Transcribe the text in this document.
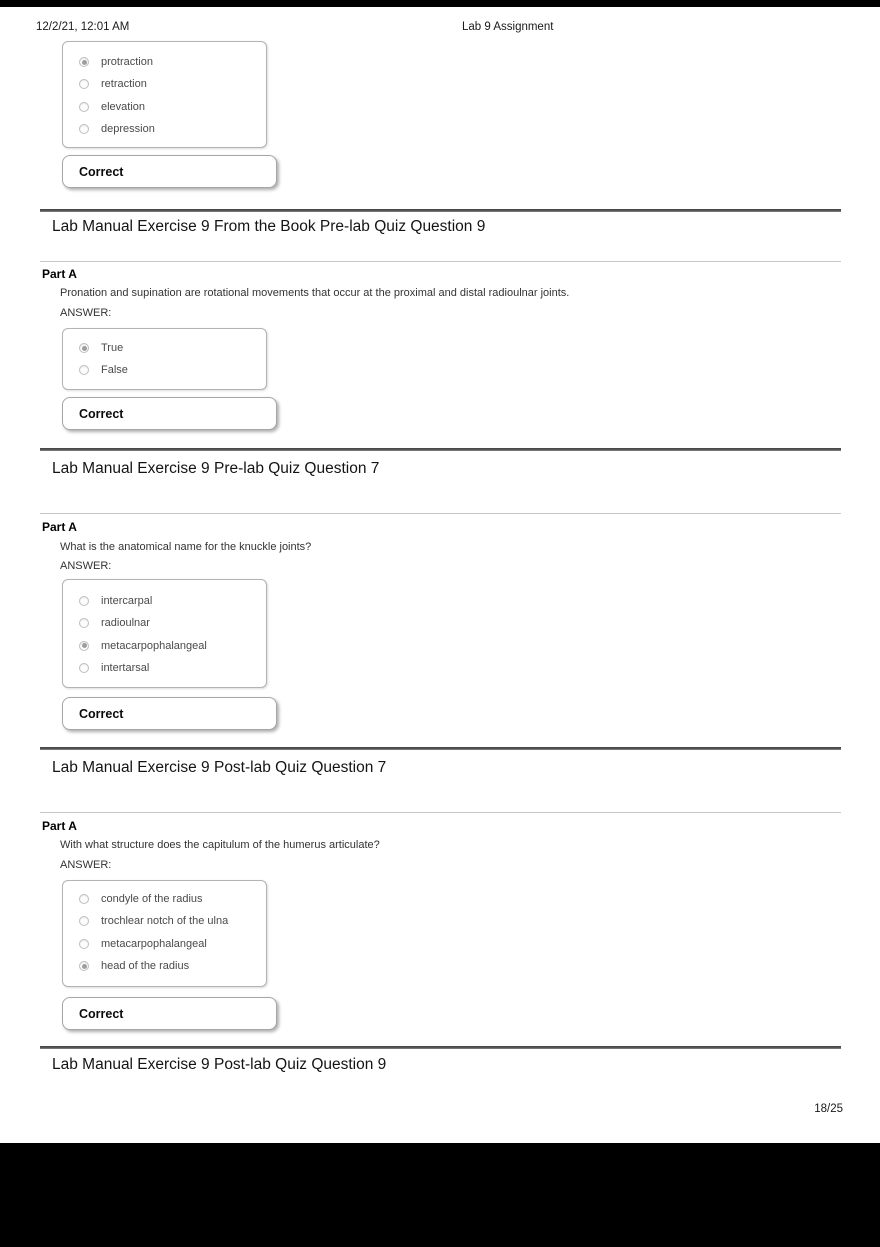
12/2/21, 12:01 AM	Lab 9 Assignment
protraction
retraction
elevation
depression
Correct
Lab Manual Exercise 9 From the Book Pre-lab Quiz Question 9
Part A
Pronation and supination are rotational movements that occur at the proximal and distal radioulnar joints.
ANSWER:
True
False
Correct
Lab Manual Exercise 9 Pre-lab Quiz Question 7
Part A
What is the anatomical name for the knuckle joints?
ANSWER:
intercarpal
radioulnar
metacarpophalangeal
intertarsal
Correct
Lab Manual Exercise 9 Post-lab Quiz Question 7
Part A
With what structure does the capitulum of the humerus articulate?
ANSWER:
condyle of the radius
trochlear notch of the ulna
metacarpophalangeal
head of the radius
Correct
Lab Manual Exercise 9 Post-lab Quiz Question 9
18/25
